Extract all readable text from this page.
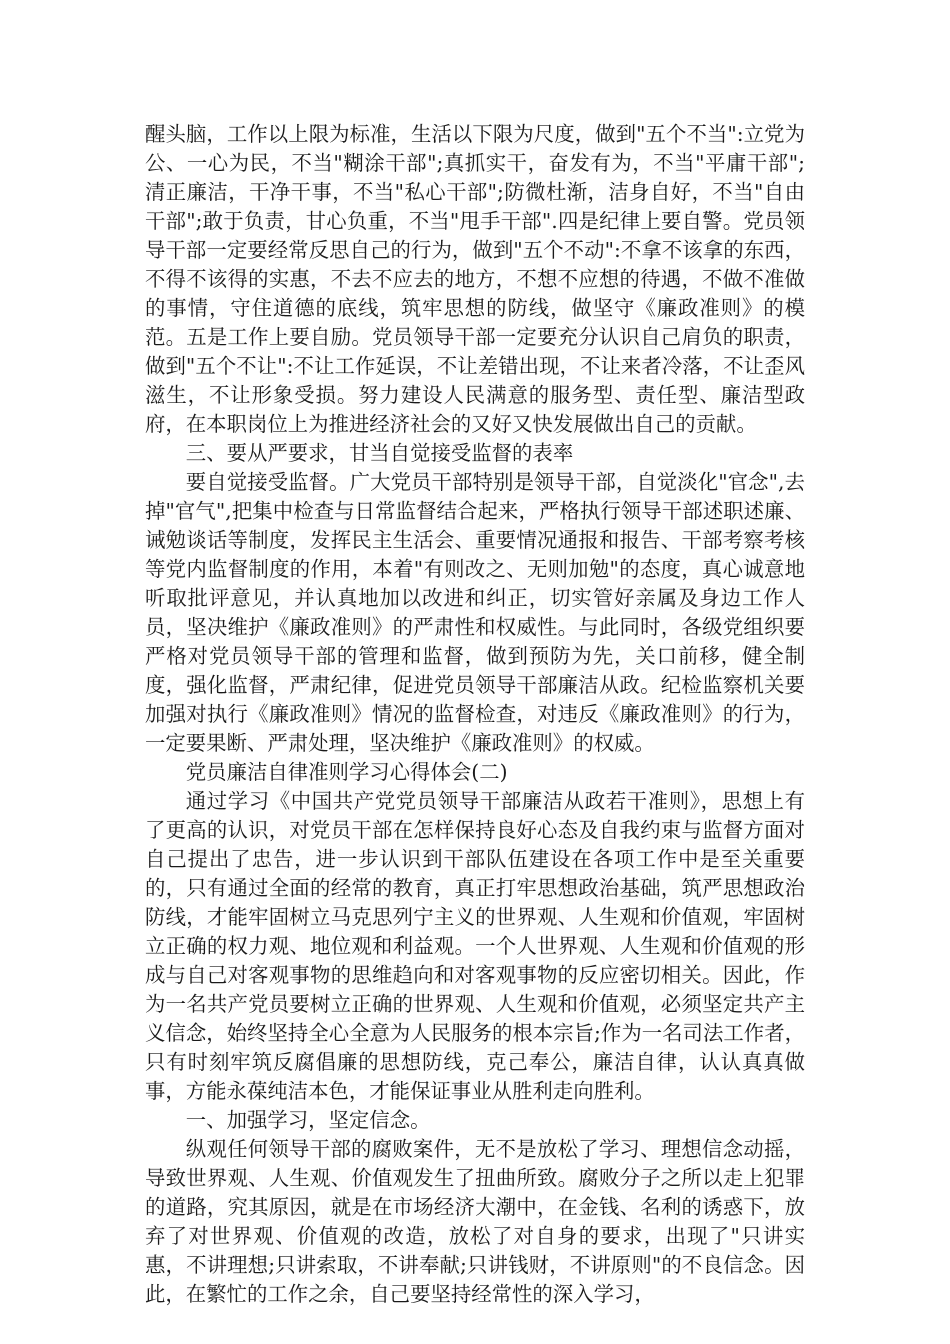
醒头脑，工作以上限为标准，生活以下限为尺度，做到"五个不当":立党为公、一心为民，不当"糊涂干部";真抓实干，奋发有为，不当"平庸干部";清正廉洁，干净干事，不当"私心干部";防微杜渐，洁身自好，不当"自由干部";敢于负责，甘心负重，不当"甩手干部".四是纪律上要自警。党员领导干部一定要经常反思自己的行为，做到"五个不动":不拿不该拿的东西，不得不该得的实惠，不去不应去的地方，不想不应想的待遇，不做不准做的事情，守住道德的底线，筑牢思想的防线，做坚守《廉政准则》的模范。五是工作上要自励。党员领导干部一定要充分认识自己肩负的职责，做到"五个不让":不让工作延误，不让差错出现，不让来者冷落，不让歪风滋生，不让形象受损。努力建设人民满意的服务型、责任型、廉洁型政府，在本职岗位上为推进经济社会的又好又快发展做出自己的贡献。

三、要从严要求，甘当自觉接受监督的表率

要自觉接受监督。广大党员干部特别是领导干部，自觉淡化"官念",去掉"官气",把集中检查与日常监督结合起来，严格执行领导干部述职述廉、诫勉谈话等制度，发挥民主生活会、重要情况通报和报告、干部考察考核等党内监督制度的作用，本着"有则改之、无则加勉"的态度，真心诚意地听取批评意见，并认真地加以改进和纠正，切实管好亲属及身边工作人员，坚决维护《廉政准则》的严肃性和权威性。与此同时，各级党组织要严格对党员领导干部的管理和监督，做到预防为先，关口前移，健全制度，强化监督，严肃纪律，促进党员领导干部廉洁从政。纪检监察机关要加强对执行《廉政准则》情况的监督检查，对违反《廉政准则》的行为，一定要果断、严肃处理，坚决维护《廉政准则》的权威。

党员廉洁自律准则学习心得体会(二)

通过学习《中国共产党党员领导干部廉洁从政若干准则》，思想上有了更高的认识，对党员干部在怎样保持良好心态及自我约束与监督方面对自己提出了忠告，进一步认识到干部队伍建设在各项工作中是至关重要的，只有通过全面的经常的教育，真正打牢思想政治基础，筑严思想政治防线，才能牢固树立马克思列宁主义的世界观、人生观和价值观，牢固树立正确的权力观、地位观和利益观。一个人世界观、人生观和价值观的形成与自己对客观事物的思维趋向和对客观事物的反应密切相关。因此，作为一名共产党员要树立正确的世界观、人生观和价值观，必须坚定共产主义信念，始终坚持全心全意为人民服务的根本宗旨;作为一名司法工作者，只有时刻牢筑反腐倡廉的思想防线，克己奉公，廉洁自律，认认真真做事，方能永葆纯洁本色，才能保证事业从胜利走向胜利。

一、加强学习，坚定信念。

纵观任何领导干部的腐败案件，无不是放松了学习、理想信念动摇，导致世界观、人生观、价值观发生了扭曲所致。腐败分子之所以走上犯罪的道路，究其原因，就是在市场经济大潮中，在金钱、名利的诱惑下，放弃了对世界观、价值观的改造，放松了对自身的要求，出现了"只讲实惠，不讲理想;只讲索取，不讲奉献;只讲钱财，不讲原则"的不良信念。因此，在繁忙的工作之余，自己要坚持经常性的深入学习，
